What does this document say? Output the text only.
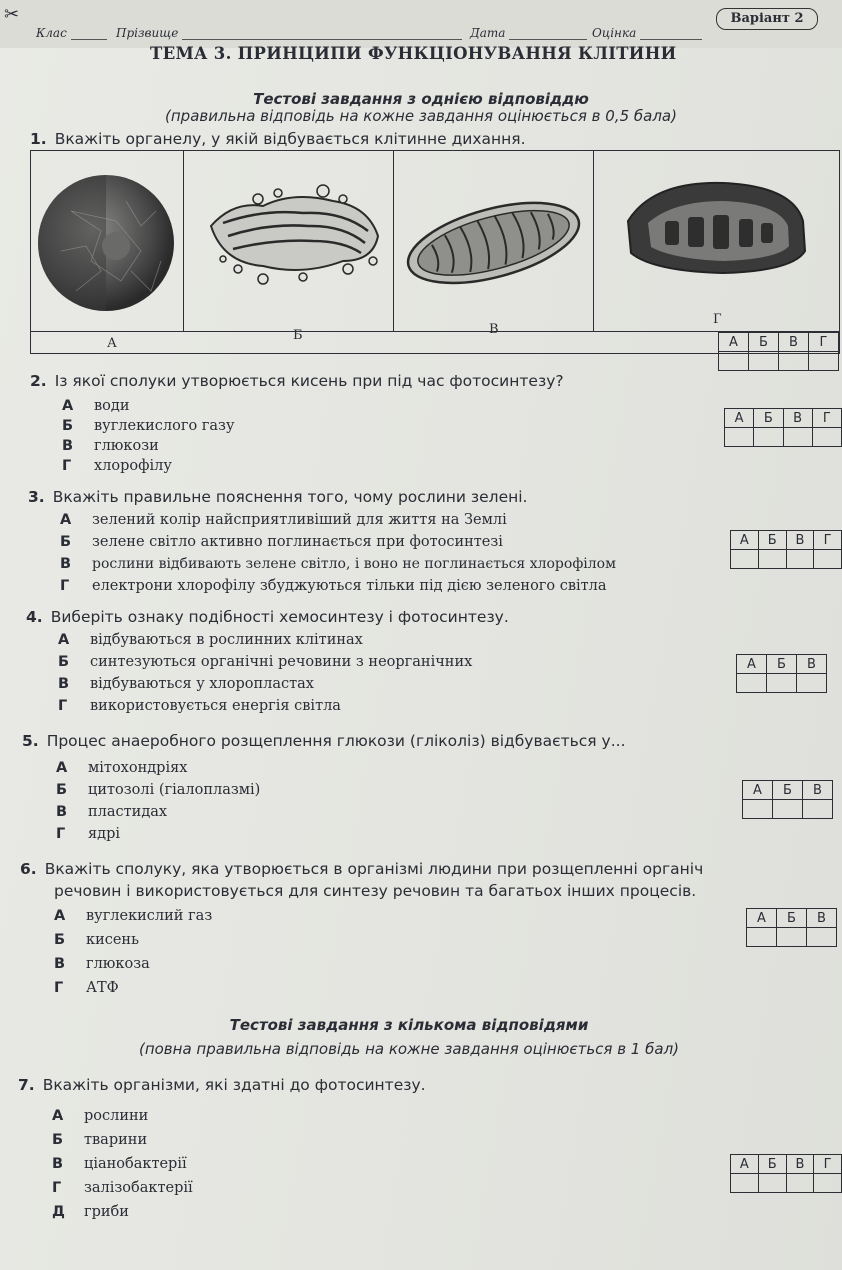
✂
Клас	Прізвище	Дата	Оцінка
Варіант 2
ТЕМА 3. ПРИНЦИПИ ФУНКЦІОНУВАННЯ КЛІТИНИ
Тестові завдання з однією відповіддю
(правильна відповідь на кожне завдання оцінюється в 0,5 бала)
1. Вкажіть органелу, у якій відбувається клітинне дихання.
А
Б	В
Г
А	Б	В	Г

2. Із якої сполуки утворюється кисень при під час фотосинтезу?
А води
Б вуглекислого газу
В глюкози
Г хлорофілу
А	Б	В	Г

3. Вкажіть правильне пояснення того, чому рослини зелені.
А зелений колір найсприятливіший для життя на Землі
Б зелене світло активно поглинається при фотосинтезі
В рослини відбивають зелене світло, і воно не поглинається хлорофілом
Г електрони хлорофілу збуджуються тільки під дією зеленого світла
А	Б	В	Г

4. Виберіть ознаку подібності хемосинтезу і фотосинтезу.
А відбуваються в рослинних клітинах
Б синтезуються органічні речовини з неорганічних
В відбуваються у хлоропластах
Г використовується енергія світла
А	Б	В

5. Процес анаеробного розщеплення глюкози (гліколіз) відбувається у...
А мітохондріях
Б цитозолі (гіалоплазмі)
В пластидах
Г ядрі
А	Б	В

6. Вкажіть сполуку, яка утворюється в організмі людини при розщепленні органіч
речовин і використовується для синтезу речовин та багатьох інших процесів.
А вуглекислий газ
Б кисень
В глюкоза
Г АТФ
А	Б	В

Тестові завдання з кількома відповідями
(повна правильна відповідь на кожне завдання оцінюється в 1 бал)
7. Вкажіть організми, які здатні до фотосинтезу.
А рослини
Б тварини
В ціанобактерії
Г залізобактерії
Д гриби
А	Б	В	Г
